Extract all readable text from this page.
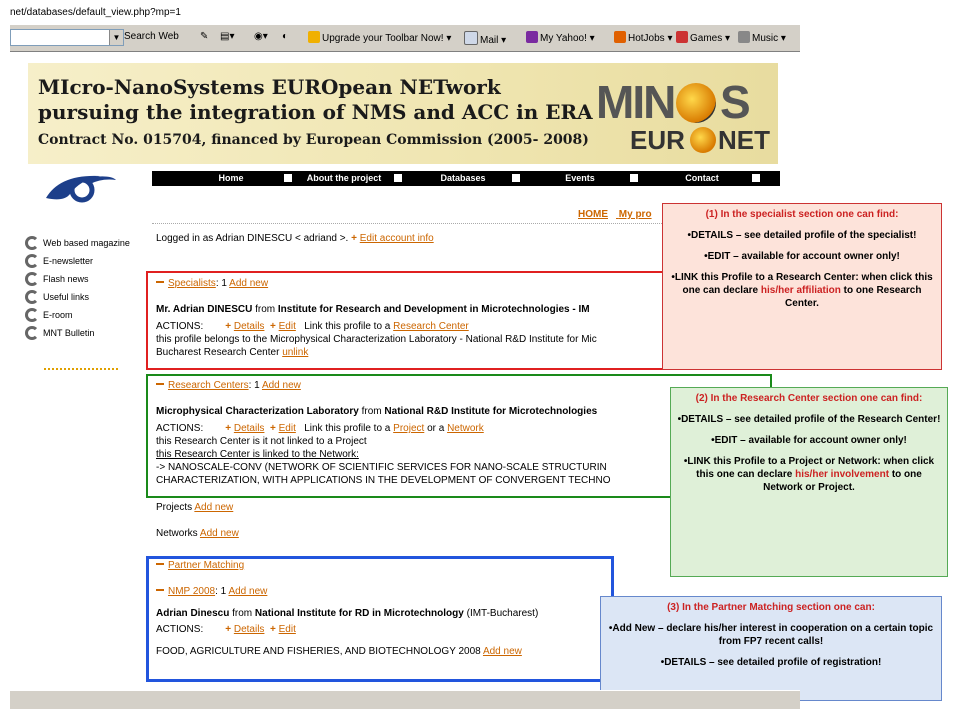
net/databases/default_view.php?mp=1
▼ Search Web ✎ ▤▾ ◉▾ ◐	Upgrade your Toolbar Now! ▾	Mail ▾	My Yahoo! ▾	HotJobs ▾	Games ▾	Music ▾
MIcro-NanoSystems EUROpean NETwork
pursuing the integration of NMS and ACC in ERA
Contract No. 015704, financed by European Commission (2005- 2008)
MIN S
EUR NET
Home	About the project	Databases	Events	Contact
Web based magazine
E-newsletter
Flash news
Useful links
E-room
MNT Bulletin
HOME My pro
Logged in as Adrian DINESCU < adriand >. + Edit account info
Specialists: 1 Add new
Mr. Adrian DINESCU from Institute for Research and Development in Microtechnologies - IM
ACTIONS: + Details + Edit Link this profile to a Research Center
this profile belongs to the Microphysical Characterization Laboratory - National R&D Institute for Mic
Bucharest Research Center unlink
Research Centers: 1 Add new
Microphysical Characterization Laboratory from National R&D Institute for Microtechnologies
ACTIONS: + Details + Edit Link this profile to a Project or a Network
this Research Center is it not linked to a Project
this Research Center is linked to the Network:
-> NANOSCALE-CONV (NETWORK OF SCIENTIFIC SERVICES FOR NANO-SCALE STRUCTURIN
CHARACTERIZATION, WITH APPLICATIONS IN THE DEVELOPMENT OF CONVERGENT TECHNO
Projects Add new
Networks Add new
Partner Matching
NMP 2008: 1 Add new
Adrian Dinescu from National Institute for RD in Microtechnology (IMT-Bucharest)
ACTIONS: + Details + Edit
FOOD, AGRICULTURE AND FISHERIES, AND BIOTECHNOLOGY 2008 Add new

(1) In the specialist section one can find:

•DETAILS – see detailed profile of the specialist!

•EDIT – available for account owner only!

•LINK this Profile to a Research Center: when click this one can declare his/her affiliation to one Research Center.

(2) In the Research Center section one can find:

•DETAILS – see detailed profile of the Research Center!

•EDIT – available for account owner only!

•LINK this Profile to a Project or Network: when click this one can declare his/her involvement to one Network or Project.

(3) In the Partner Matching section one can:

•Add New – declare his/her interest in cooperation on a certain topic from FP7 recent calls!

•DETAILS – see detailed profile of registration!
